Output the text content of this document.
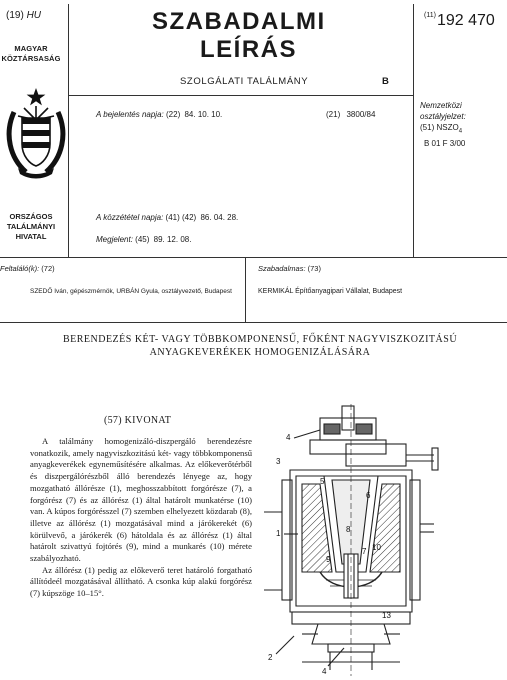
(19) HU
MAGYAR
KÖZTÁRSASÁG
ORSZÁGOS
TALÁLMÁNYI
HIVATAL
SZABADALMI
LEÍRÁS
SZOLGÁLATI TALÁLMÁNY	B
$^{(11)}$192 470
A bejelentés napja: (22) 84. 10. 10.	(21) 3800/84
A közzététel napja: (41) (42) 86. 04. 28.
Megjelent: (45) 89. 12. 08.
Nemzetközi
osztályjelzet:
(51) $NSZO_4$
B 01 F 3/00
Feltaláló(k): (72)
SZEDŐ Iván, gépészmérnök, URBÁN Gyula, osztályvezető, Budapest
Szabadalmas: (73)
KERMIKÁL Építőanyagipari Vállalat, Budapest
BERENDEZÉS KÉT- VAGY TÖBBKOMPONENSŰ, FŐKÉNT NAGYVISZKOZITÁSÚ
ANYAGKEVERÉKEK HOMOGENIZÁLÁSÁRA
(57) KIVONAT

A találmány homogenizáló-diszpergáló berendezésre vonatkozik, amely nagyviszkozitású két- vagy többkomponensű anyagkeverékek egyneműsítésére alkalmas. Az előkeverőtérből és diszpergálórészből álló berendezés lényege az, hogy mozgatható állórésze (1), meghosszabbított forgórésze (7), a forgórész (7) és az állórész (1) által határolt munkatérse (10) van. A kúpos forgórésszel (7) szemben elhelyezett közdarab (8), illetve az állórész (1) mozgatásával mind a járókerekét (6) körülvevő, a járókerék (6) hátoldala és az állórész (1) által határolt szivattyú fojtórés (9), mind a munkarés (10) mérete szabályozható.

Az állórész (1) pedig az előkeverő teret határoló forgatható állítódeél mozgatásával állítható. A csonka kúp alakú forgórész (7) kúpszöge 10–15°.

4
5
3
6
8
1
2
7
9
10
13
4
